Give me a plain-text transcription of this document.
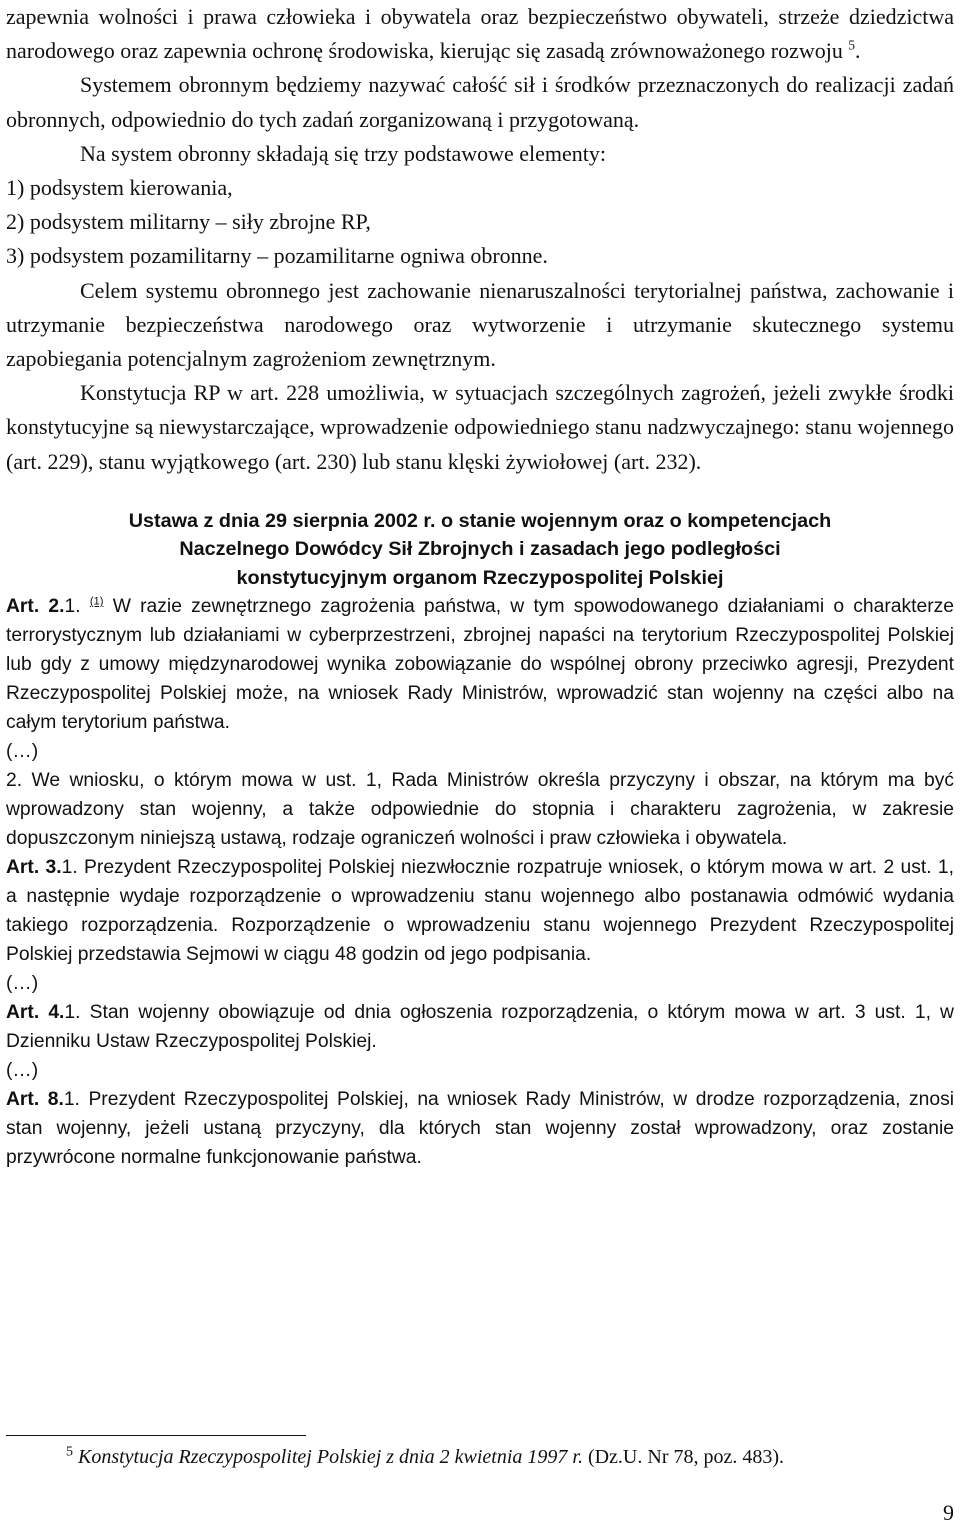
zapewnia wolności i prawa człowieka i obywatela oraz bezpieczeństwo obywateli, strzeże dziedzictwa narodowego oraz zapewnia ochronę środowiska, kierując się zasadą zrównoważonego rozwoju $^5$.

Systemem obronnym będziemy nazywać całość sił i środków przeznaczonych do realizacji zadań obronnych, odpowiednio do tych zadań zorganizowaną i przygotowaną.

Na system obronny składają się trzy podstawowe elementy:

1) podsystem kierowania,

2) podsystem militarny – siły zbrojne RP,

3) podsystem pozamilitarny – pozamilitarne ogniwa obronne.

Celem systemu obronnego jest zachowanie nienaruszalności terytorialnej państwa, zachowanie i utrzymanie bezpieczeństwa narodowego oraz wytworzenie i utrzymanie skutecznego systemu zapobiegania potencjalnym zagrożeniom zewnętrznym.

Konstytucja RP w art. 228 umożliwia, w sytuacjach szczególnych zagrożeń, jeżeli zwykłe środki konstytucyjne są niewystarczające, wprowadzenie odpowiedniego stanu nadzwyczajnego: stanu wojennego (art. 229), stanu wyjątkowego (art. 230) lub stanu klęski żywiołowej (art. 232).

Ustawa z dnia 29 sierpnia 2002 r. o stanie wojennym oraz o kompetencjach
Naczelnego Dowódcy Sił Zbrojnych i zasadach jego podległości
konstytucyjnym organom Rzeczypospolitej Polskiej

Art. 2.1. $^{(1)}$ W razie zewnętrznego zagrożenia państwa, w tym spowodowanego działaniami o charakterze terrorystycznym lub działaniami w cyberprzestrzeni, zbrojnej napaści na terytorium Rzeczypospolitej Polskiej lub gdy z umowy międzynarodowej wynika zobowiązanie do wspólnej obrony przeciwko agresji, Prezydent Rzeczypospolitej Polskiej może, na wniosek Rady Ministrów, wprowadzić stan wojenny na części albo na całym terytorium państwa.

(…)

2. We wniosku, o którym mowa w ust. 1, Rada Ministrów określa przyczyny i obszar, na którym ma być wprowadzony stan wojenny, a także odpowiednie do stopnia i charakteru zagrożenia, w zakresie dopuszczonym niniejszą ustawą, rodzaje ograniczeń wolności i praw człowieka i obywatela.

Art. 3.1. Prezydent Rzeczypospolitej Polskiej niezwłocznie rozpatruje wniosek, o którym mowa w art. 2 ust. 1, a następnie wydaje rozporządzenie o wprowadzeniu stanu wojennego albo postanawia odmówić wydania takiego rozporządzenia. Rozporządzenie o wprowadzeniu stanu wojennego Prezydent Rzeczypospolitej Polskiej przedstawia Sejmowi w ciągu 48 godzin od jego podpisania.

(…)

Art. 4.1. Stan wojenny obowiązuje od dnia ogłoszenia rozporządzenia, o którym mowa w art. 3 ust. 1, w Dzienniku Ustaw Rzeczypospolitej Polskiej.

(…)

Art. 8.1. Prezydent Rzeczypospolitej Polskiej, na wniosek Rady Ministrów, w drodze rozporządzenia, znosi stan wojenny, jeżeli ustaną przyczyny, dla których stan wojenny został wprowadzony, oraz zostanie przywrócone normalne funkcjonowanie państwa.

$^5$ Konstytucja Rzeczypospolitej Polskiej z dnia 2 kwietnia 1997 r. (Dz.U. Nr 78, poz. 483).
9
